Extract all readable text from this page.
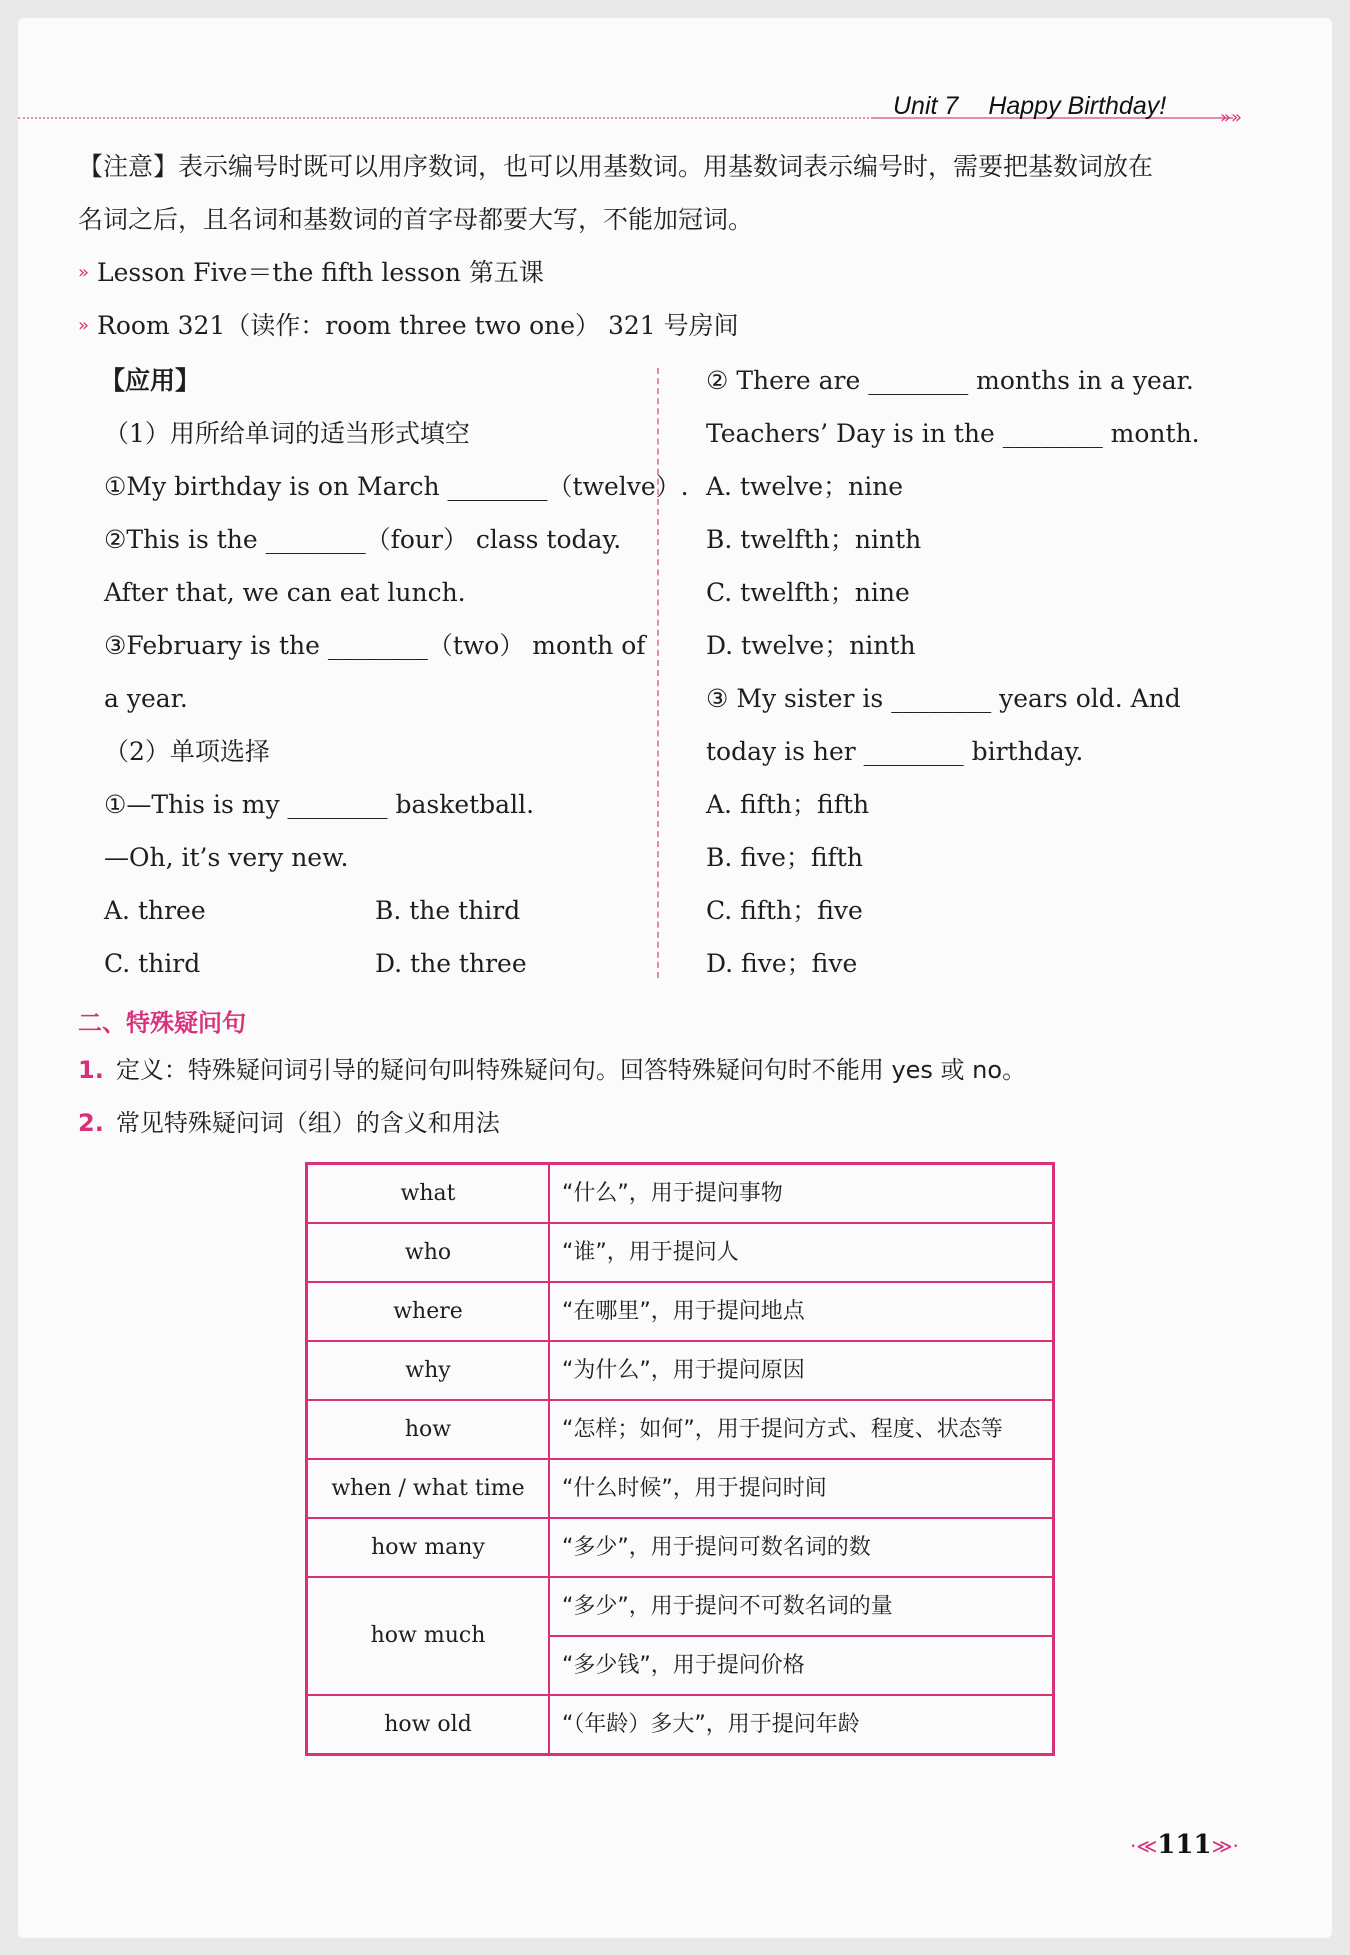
Unit 7 Happy Birthday!	»»
【注意】表示编号时既可以用序数词，也可以用基数词。用基数词表示编号时，需要把基数词放在
名词之后，且名词和基数词的首字母都要大写，不能加冠词。
» Lesson Five＝the fifth lesson 第五课
» Room 321（读作：room three two one） 321 号房间
【应用】
（1）用所给单词的适当形式填空
①My birthday is on March ________（twelve）.
②This is the ________（four） class today.
After that, we can eat lunch.
③February is the ________（two） month of
a year.
（2）单项选择
①—This is my ________ basketball.
—Oh, it’s very new.
A. three	B. the third
C. third	D. the three
② There are ________ months in a year.
Teachers’ Day is in the ________ month.
A. twelve；nine
B. twelfth；ninth
C. twelfth；nine
D. twelve；ninth
③ My sister is ________ years old. And
today is her ________ birthday.
A. fifth；fifth
B. five；fifth
C. fifth；five
D. five；five
二、特殊疑问句
1. 定义：特殊疑问词引导的疑问句叫特殊疑问句。回答特殊疑问句时不能用 yes 或 no。
2. 常见特殊疑问词（组）的含义和用法
what	“什么”，用于提问事物
who	“谁”，用于提问人
where	“在哪里”，用于提问地点
why	“为什么”，用于提问原因
how	“怎样；如何”，用于提问方式、程度、状态等
when / what time	“什么时候”，用于提问时间
how many	“多少”，用于提问可数名词的数
how much	“多少”，用于提问不可数名词的量
	“多少钱”，用于提问价格
how old	“（年龄）多大”，用于提问年龄
·≪111≫·
